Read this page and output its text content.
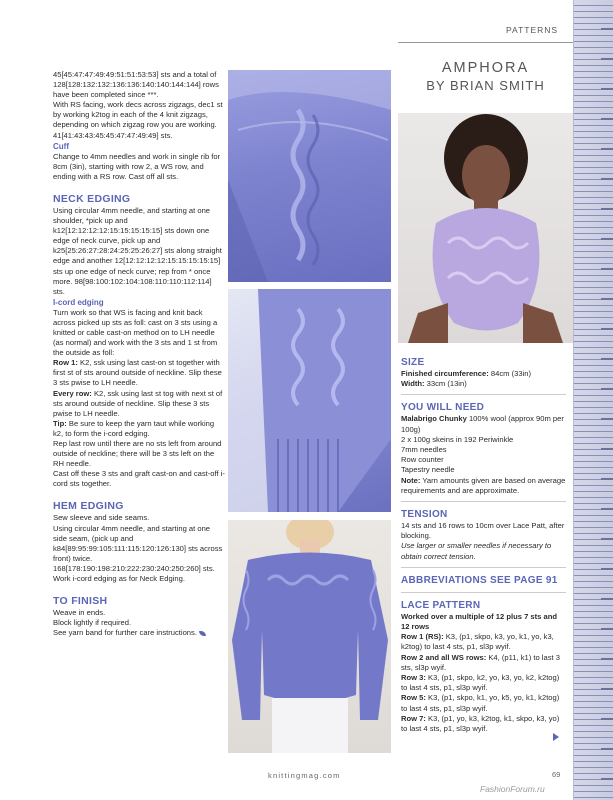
PATTERNS

45[45:47:47:49:49:51:51:53:53] sts and a total of 128[128:132:132:136:136:140:140:144:144] rows have been completed since ***.

With RS facing, work decs across zigzags, dec1 st by working k2tog in each of the 4 knit zigzags, depending on which zigzag row you are working. 41[41:43:43:45:45:47:47:49:49] sts.

Cuff

Change to 4mm needles and work in single rib for 8cm (3in), starting with row 2, a WS row, and ending with a RS row. Cast off all sts.

NECK EDGING

Using circular 4mm needle, and starting at one shoulder, *pick up and k12[12:12:12:12:15:15:15:15:15] sts down one edge of neck curve, pick up and k25[25:26:27:28:24:25:25:26:27] sts along straight edge and another 12[12:12:12:12:15:15:15:15:15] sts up one edge of neck curve; rep from * once more. 98[98:100:102:104:108:110:110:112:114] sts.

I-cord edging

Turn work so that WS is facing and knit back across picked up sts as foll: cast on 3 sts using a knitted or cable cast-on method on to LH needle (as normal) and work with the 3 sts and 1 st from the outside as foll:

Row 1: K2, ssk using last cast-on st together with first st of sts around outside of neckline. Slip these 3 sts pwise to LH needle.

Every row: K2, ssk using last st tog with next st of sts around outside of neckline. Slip these 3 sts pwise to LH needle.

Tip: Be sure to keep the yarn taut while working k2, to form the i-cord edging.

Rep last row until there are no sts left from around outside of neckline; there will be 3 sts left on the RH needle.

Cast off these 3 sts and graft cast-on and cast-off i-cord sts together.

HEM EDGING

Sew sleeve and side seams.

Using circular 4mm needle, and starting at one side seam, (pick up and k84[89:95:99:105:111:115:120:126:130] sts across front) twice. 168[178:190:198:210:222:230:240:250:260] sts.

Work i-cord edging as for Neck Edging.

TO FINISH

Weave in ends.

Block lightly if required.

See yarn band for further care instructions.

AMPHORA
BY BRIAN SMITH
SIZE

Finished circumference: 84cm (33in)

Width: 33cm (13in)

YOU WILL NEED

Malabrigo Chunky 100% wool (approx 90m per 100g)

2 x 100g skeins in 192 Periwinkle

7mm needles

Row counter

Tapestry needle

Note: Yarn amounts given are based on average requirements and are approximate.

TENSION

14 sts and 16 rows to 10cm over Lace Patt, after blocking.

Use larger or smaller needles if necessary to obtain correct tension.

ABBREVIATIONS SEE PAGE 91
LACE PATTERN

Worked over a multiple of 12 plus 7 sts and 12 rows

Row 1 (RS): K3, (p1, skpo, k3, yo, k1, yo, k3, k2tog) to last 4 sts, p1, sl3p wyif.

Row 2 and all WS rows: K4, (p11, k1) to last 3 sts, sl3p wyif.

Row 3: K3, (p1, skpo, k2, yo, k3, yo, k2, k2tog) to last 4 sts, p1, sl3p wyif.

Row 5: K3, (p1, skpo, k1, yo, k5, yo, k1, k2tog) to last 4 sts, p1, sl3p wyif.

Row 7: K3, (p1, yo, k3, k2tog, k1, skpo, k3, yo) to last 4 sts, p1, sl3p wyif.

knittingmag.com	69
FashionForum.ru
